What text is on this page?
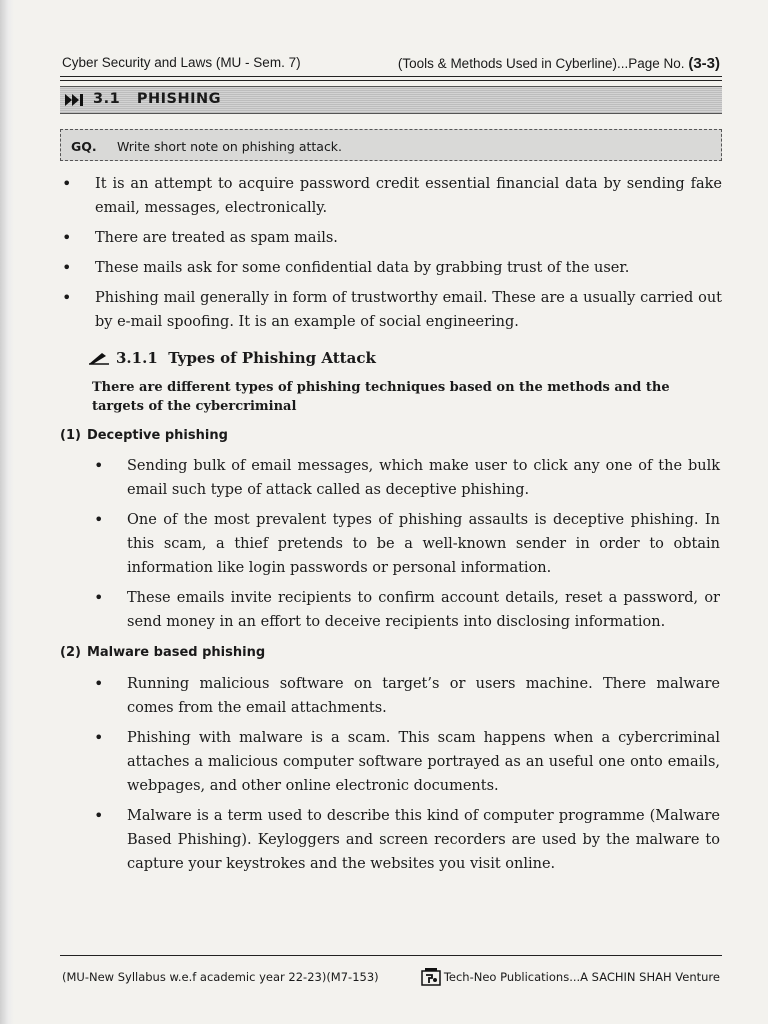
Cyber Security and Laws (MU - Sem. 7)	(Tools & Methods Used in Cyberline)...Page No. (3-3)
3.1 PHISHING
GQ. Write short note on phishing attack.
• It is an attempt to acquire password credit essential financial data by sending fake email, messages, electronically.
• There are treated as spam mails.
• These mails ask for some confidential data by grabbing trust of the user.
• Phishing mail generally in form of trustworthy email. These are a usually carried out by e-mail spoofing. It is an example of social engineering.
3.1.1 Types of Phishing Attack
There are different types of phishing techniques based on the methods and the targets of the cybercriminal
(1) Deceptive phishing
• Sending bulk of email messages, which make user to click any one of the bulk email such type of attack called as deceptive phishing.
• One of the most prevalent types of phishing assaults is deceptive phishing. In this scam, a thief pretends to be a well-known sender in order to obtain information like login passwords or personal information.
• These emails invite recipients to confirm account details, reset a password, or send money in an effort to deceive recipients into disclosing information.
(2) Malware based phishing
• Running malicious software on target’s or users machine. There malware comes from the email attachments.
• Phishing with malware is a scam. This scam happens when a cybercriminal attaches a malicious computer software portrayed as an useful one onto emails, webpages, and other online electronic documents.
• Malware is a term used to describe this kind of computer programme (Malware Based Phishing). Keyloggers and screen recorders are used by the malware to capture your keystrokes and the websites you visit online.
(MU-New Syllabus w.e.f academic year 22-23)(M7-153)	Tech-Neo Publications...A SACHIN SHAH Venture
